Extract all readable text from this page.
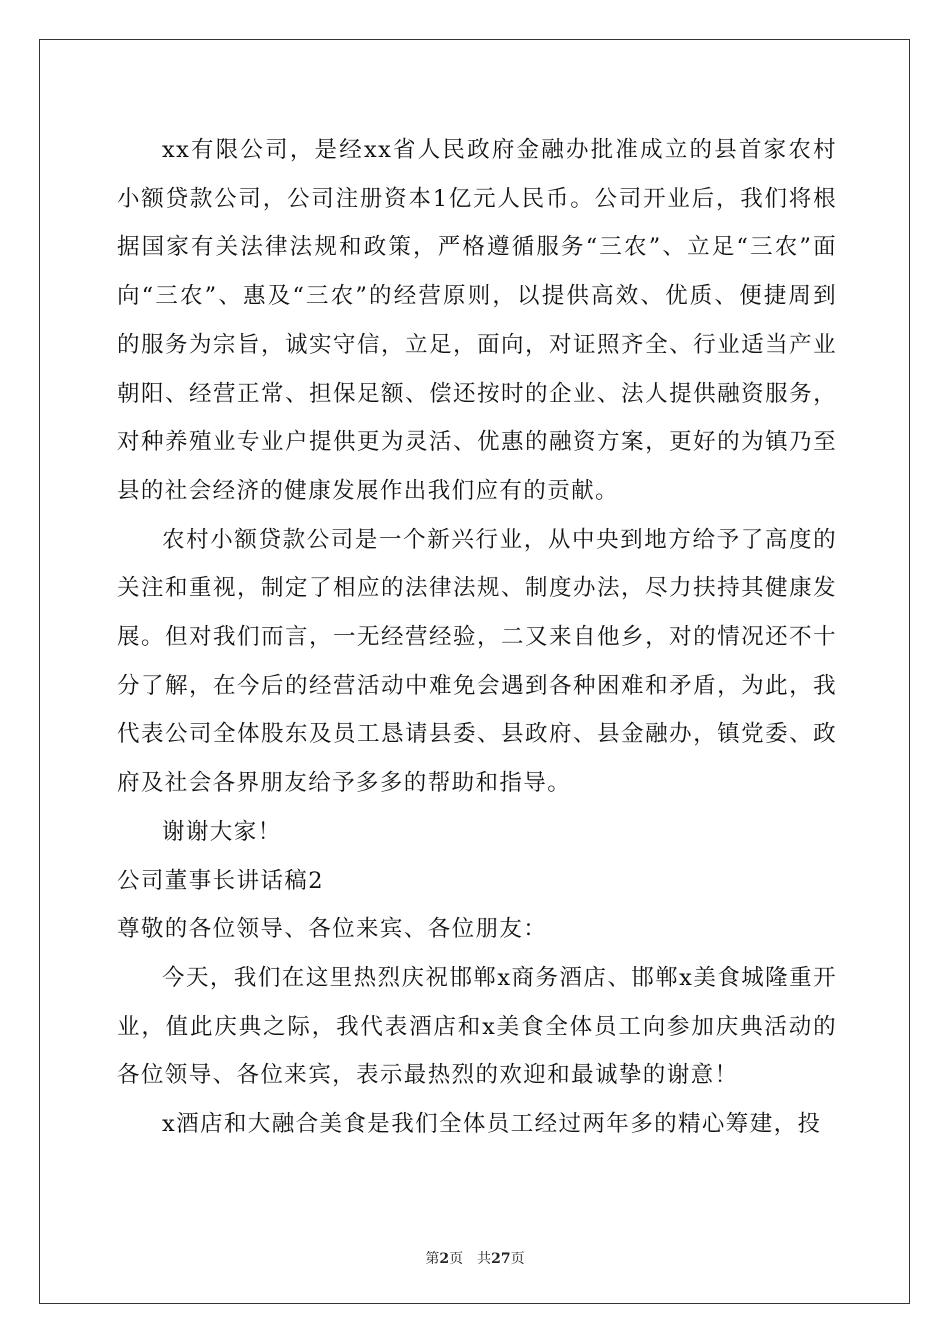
xx有限公司，是经xx省人民政府金融办批准成立的县首家农村小额贷款公司，公司注册资本1亿元人民币。公司开业后，我们将根据国家有关法律法规和政策，严格遵循服务“三农”、立足“三农”面向“三农”、惠及“三农”的经营原则，以提供高效、优质、便捷周到的服务为宗旨，诚实守信，立足，面向，对证照齐全、行业适当产业朝阳、经营正常、担保足额、偿还按时的企业、法人提供融资服务，对种养殖业专业户提供更为灵活、优惠的融资方案，更好的为镇乃至县的社会经济的健康发展作出我们应有的贡献。

农村小额贷款公司是一个新兴行业，从中央到地方给予了高度的关注和重视，制定了相应的法律法规、制度办法，尽力扶持其健康发展。但对我们而言，一无经营经验，二又来自他乡，对的情况还不十分了解，在今后的经营活动中难免会遇到各种困难和矛盾，为此，我代表公司全体股东及员工恳请县委、县政府、县金融办，镇党委、政府及社会各界朋友给予多多的帮助和指导。

谢谢大家！

公司董事长讲话稿2

尊敬的各位领导、各位来宾、各位朋友：

今天，我们在这里热烈庆祝邯郸x商务酒店、邯郸x美食城隆重开业，值此庆典之际，我代表酒店和x美食全体员工向参加庆典活动的各位领导、各位来宾，表示最热烈的欢迎和最诚挚的谢意！

x酒店和大融合美食是我们全体员工经过两年多的精心筹建，投

第2页 共27页
